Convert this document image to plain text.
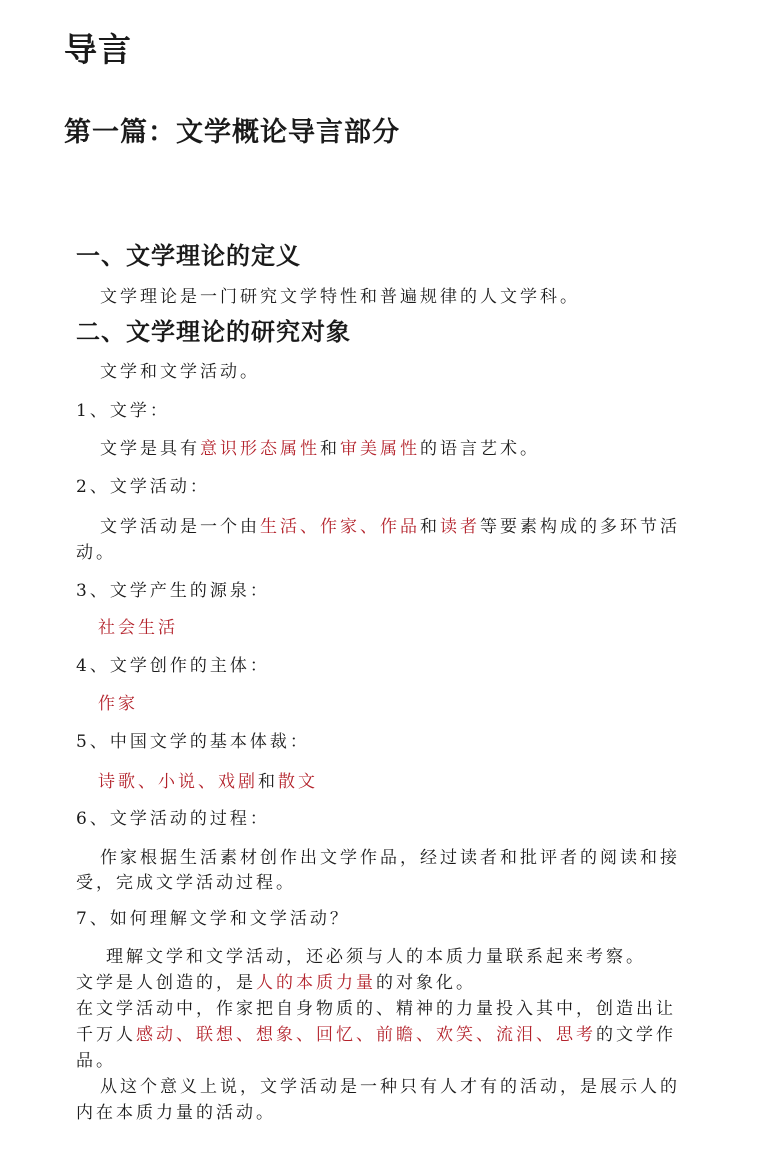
导言
第一篇：文学概论导言部分
一、文学理论的定义

文学理论是一门研究文学特性和普遍规律的人文学科。

二、文学理论的研究对象

文学和文学活动。

1、文学：

文学是具有意识形态属性和审美属性的语言艺术。

2、文学活动：

文学活动是一个由生活、作家、作品和读者等要素构成的多环节活

动。

3、文学产生的源泉：

社会生活

4、文学创作的主体：

作家

5、中国文学的基本体裁：

诗歌、小说、戏剧和散文

6、文学活动的过程：

作家根据生活素材创作出文学作品，经过读者和批评者的阅读和接

受，完成文学活动过程。

7、如何理解文学和文学活动？

理解文学和文学活动，还必须与人的本质力量联系起来考察。

文学是人创造的，是人的本质力量的对象化。

在文学活动中，作家把自身物质的、精神的力量投入其中，创造出让

千万人感动、联想、想象、回忆、前瞻、欢笑、流泪、思考的文学作

品。

从这个意义上说，文学活动是一种只有人才有的活动，是展示人的

内在本质力量的活动。
